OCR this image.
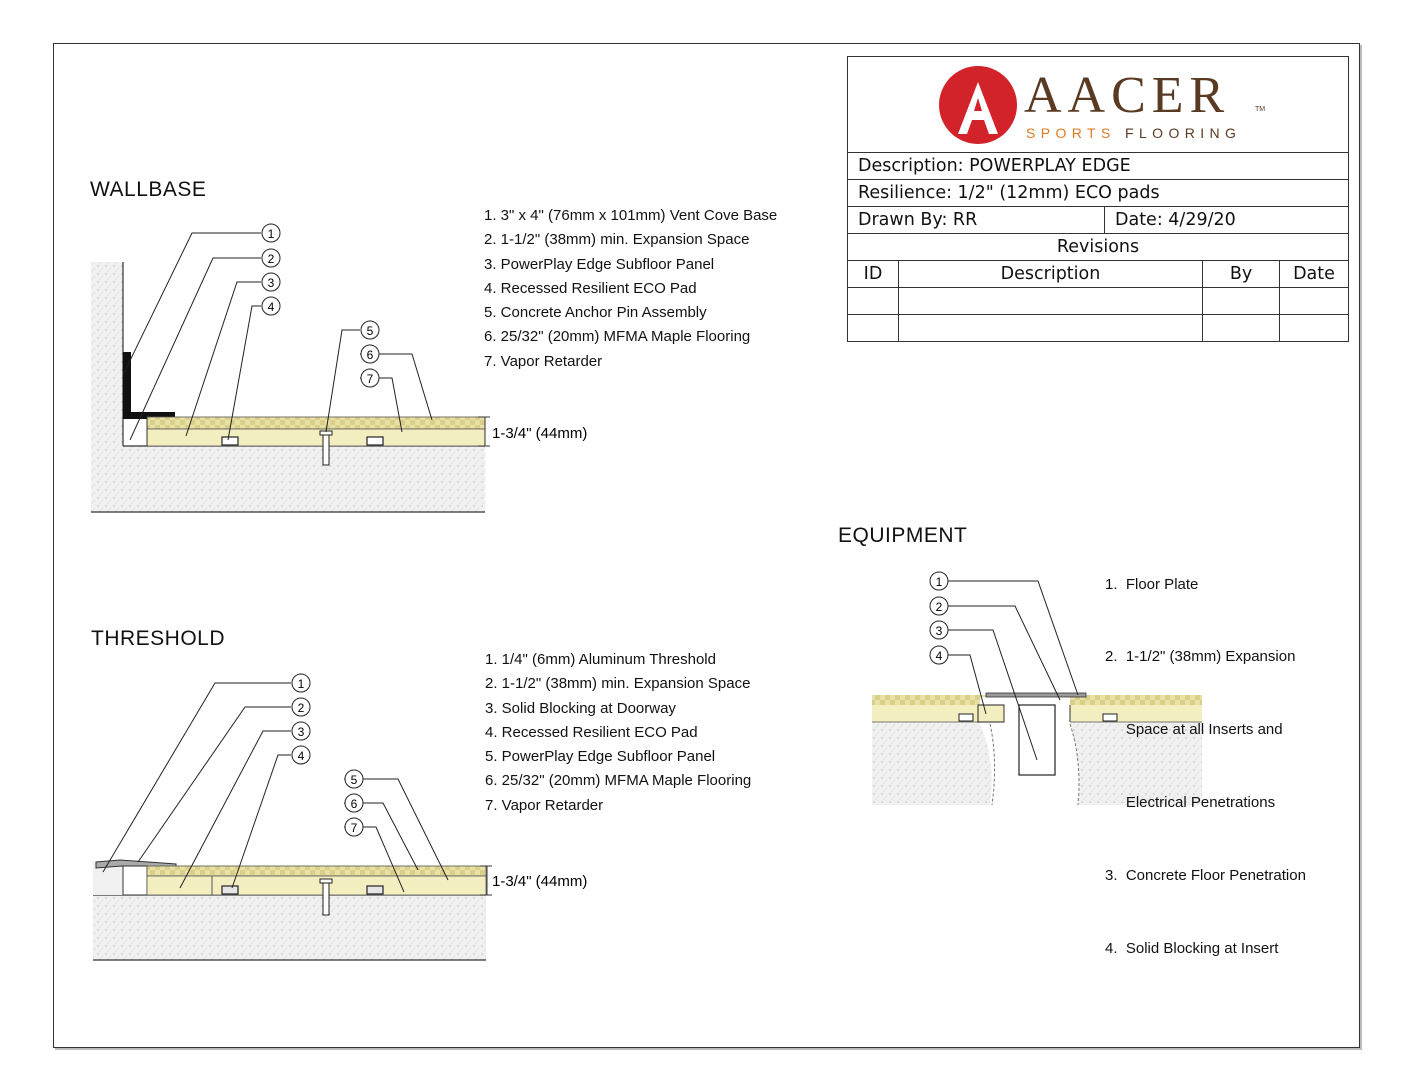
1
2
3
4
5
6
7
1-3/4" (44mm)
1
2
3
4
5
6
7
1-3/4" (44mm)
1
2
3
4
WALLBASE
THRESHOLD
EQUIPMENT
1. 3" x 4" (76mm x 101mm) Vent Cove Base
2. 1-1/2" (38mm) min. Expansion Space
3. PowerPlay Edge Subfloor Panel
4. Recessed Resilient ECO Pad
5. Concrete Anchor Pin Assembly
6. 25/32" (20mm) MFMA Maple Flooring
7. Vapor Retarder
1. 1/4" (6mm) Aluminum Threshold
2. 1-1/2" (38mm) min. Expansion Space
3. Solid Blocking at Doorway
4. Recessed Resilient ECO Pad
5. PowerPlay Edge Subfloor Panel
6. 25/32" (20mm) MFMA Maple Flooring
7. Vapor Retarder

1.  Floor Plate

2.  1-1/2" (38mm) Expansion

Space at all Inserts and

Electrical Penetrations

3.  Concrete Floor Penetration

4.  Solid Blocking at Insert

Description: POWERPLAY EDGE
Resilience: 1/2" (12mm) ECO pads
Drawn By: RR	Date: 4/29/20
Revisions
ID	Description	By	Date
AACER	TM
SPORTS FLOORING
